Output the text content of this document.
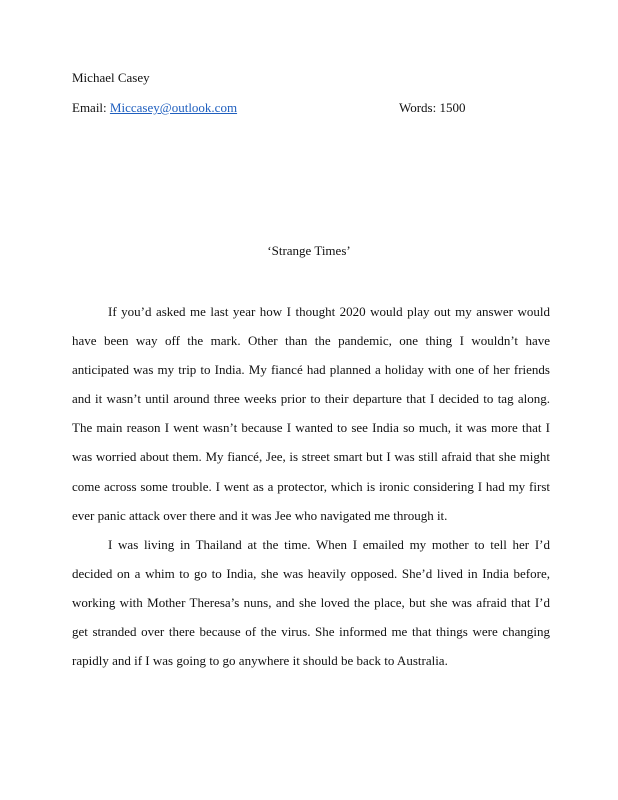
Michael Casey
Email: Miccasey@outlook.com	Words: 1500
‘Strange Times’

If you’d asked me last year how I thought 2020 would play out my answer would have been way off the mark. Other than the pandemic, one thing I wouldn’t have anticipated was my trip to India. My fiancé had planned a holiday with one of her friends and it wasn’t until around three weeks prior to their departure that I decided to tag along. The main reason I went wasn’t because I wanted to see India so much, it was more that I was worried about them. My fiancé, Jee, is street smart but I was still afraid that she might come across some trouble. I went as a protector, which is ironic considering I had my first ever panic attack over there and it was Jee who navigated me through it.

I was living in Thailand at the time. When I emailed my mother to tell her I’d decided on a whim to go to India, she was heavily opposed. She’d lived in India before, working with Mother Theresa’s nuns, and she loved the place, but she was afraid that I’d get stranded over there because of the virus. She informed me that things were changing rapidly and if I was going to go anywhere it should be back to Australia.
